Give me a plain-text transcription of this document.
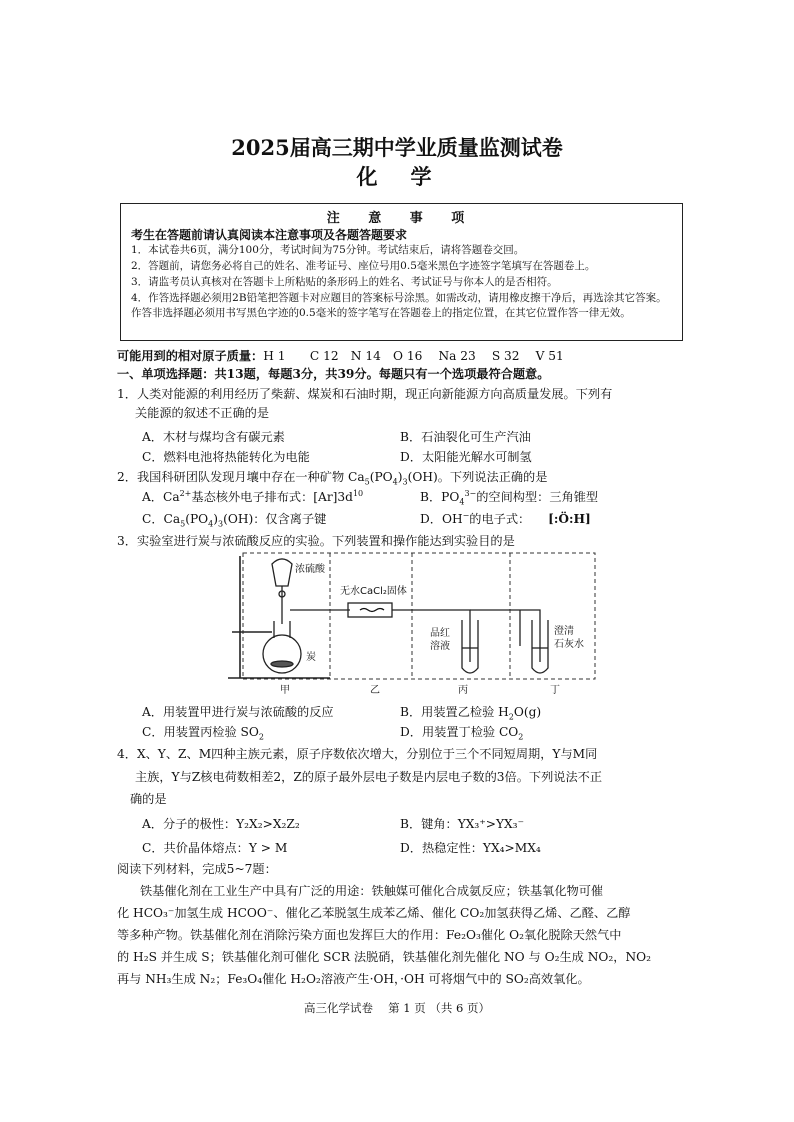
2025届高三期中学业质量监测试卷
化　学
注 意 事 项
考生在答题前请认真阅读本注意事项及各题答题要求
1．本试卷共6页，满分100分，考试时间为75分钟。考试结束后，请将答题卷交回。
2．答题前，请您务必将自己的姓名、准考证号、座位号用0.5毫米黑色字迹签字笔填写在答题卷上。
3．请监考员认真核对在答题卡上所粘贴的条形码上的姓名、考试证号与你本人的是否相符。
4．作答选择题必须用2B铅笔把答题卡对应题目的答案标号涂黑。如需改动，请用橡皮擦干净后，再选涂其它答案。作答非选择题必须用书写黑色字迹的0.5毫米的签字笔写在答题卷上的指定位置，在其它位置作答一律无效。
可能用到的相对原子质量：H 1　　C 12　N 14　O 16　 Na 23　 S 32　 V 51
一、单项选择题：共13题，每题3分，共39分。每题只有一个选项最符合题意。
1．人类对能源的利用经历了柴薪、煤炭和石油时期，现正向新能源方向高质量发展。下列有
关能源的叙述不正确的是
A．木材与煤均含有碳元素	B．石油裂化可生产汽油
C．燃料电池将热能转化为电能	D．太阳能光解水可制氢
2．我国科研团队发现月壤中存在一种矿物 $Ca_5(PO_4)_3(OH)$。下列说法正确的是
A．$Ca^{2+}$基态核外电子排布式：$[Ar]3d^{10}$	B．$PO_4^{3-}$的空间构型：三角锥型
C．$Ca_5(PO_4)_3(OH)$：仅含离子键	D．OH−的电子式： [:Ö:H]
3．实验室进行炭与浓硫酸反应的实验。下列装置和操作能达到实验目的是
浓硫酸
无水CaCl₂固体
炭
品红
溶液
澄清
石灰水
甲	乙	丙	丁
A．用装置甲进行炭与浓硫酸的反应	B．用装置乙检验 $H_2O(g)$
C．用装置丙检验 $SO_2$	D．用装置丁检验 $CO_2$
4．X、Y、Z、M四种主族元素，原子序数依次增大，分别位于三个不同短周期，Y与M同
主族，Y与Z核电荷数相差2，Z的原子最外层电子数是内层电子数的3倍。下列说法不正
确的是
A．分子的极性：Y₂X₂>X₂Z₂	B．键角：YX₃⁺>YX₃⁻
C．共价晶体熔点：Y > M	D．热稳定性：YX₄>MX₄
阅读下列材料，完成5~7题：
铁基催化剂在工业生产中具有广泛的用途：铁触媒可催化合成氨反应；铁基氧化物可催
化 HCO₃⁻加氢生成 HCOO⁻、催化乙苯脱氢生成苯乙烯、催化 CO₂加氢获得乙烯、乙醛、乙醇
等多种产物。铁基催化剂在消除污染方面也发挥巨大的作用：Fe₂O₃催化 O₂氧化脱除天然气中
的 H₂S 并生成 S；铁基催化剂可催化 SCR 法脱硝，铁基催化剂先催化 NO 与 O₂生成 NO₂，NO₂
再与 NH₃生成 N₂；Fe₃O₄催化 H₂O₂溶液产生·OH，·OH 可将烟气中的 SO₂高效氧化。
高三化学试卷　 第 1 页 （共 6 页）
